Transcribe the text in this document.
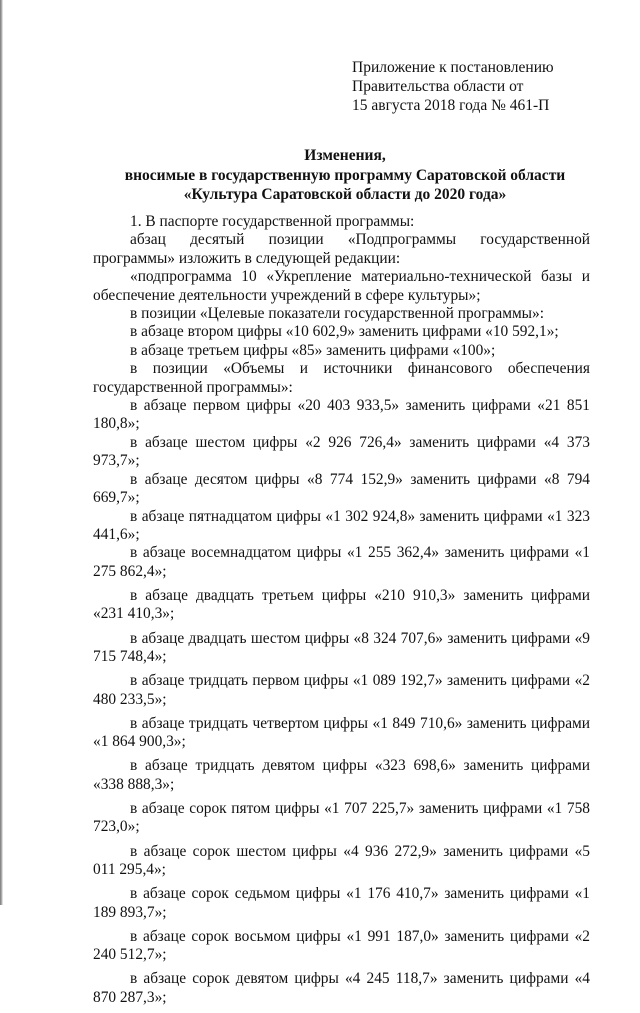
Приложение к постановлению
Правительства области от
15 августа 2018 года № 461-П
Изменения,
вносимые в государственную программу Саратовской области
«Культура Саратовской области до 2020 года»

1. В паспорте государственной программы:

абзац десятый позиции «Подпрограммы государственной программы» изложить в следующей редакции:

«подпрограмма 10 «Укрепление материально-технической базы и обеспечение деятельности учреждений в сфере культуры»;

в позиции «Целевые показатели государственной программы»:

в абзаце втором цифры «10 602,9» заменить цифрами «10 592,1»;

в абзаце третьем цифры «85» заменить цифрами «100»;

в позиции «Объемы и источники финансового обеспечения государственной программы»:

в абзаце первом цифры «20 403 933,5» заменить цифрами «21 851 180,8»;

в абзаце шестом цифры «2 926 726,4» заменить цифрами «4 373 973,7»;

в абзаце десятом цифры «8 774 152,9» заменить цифрами «8 794 669,7»;

в абзаце пятнадцатом цифры «1 302 924,8» заменить цифрами «1 323 441,6»;

в абзаце восемнадцатом цифры «1 255 362,4» заменить цифрами «1 275 862,4»;

в абзаце двадцать третьем цифры «210 910,3» заменить цифрами «231 410,3»;

в абзаце двадцать шестом цифры «8 324 707,6» заменить цифрами «9 715 748,4»;

в абзаце тридцать первом цифры «1 089 192,7» заменить цифрами «2 480 233,5»;

в абзаце тридцать четвертом цифры «1 849 710,6» заменить цифрами «1 864 900,3»;

в абзаце тридцать девятом цифры «323 698,6» заменить цифрами «338 888,3»;

в абзаце сорок пятом цифры «1 707 225,7» заменить цифрами «1 758 723,0»;

в абзаце сорок шестом цифры «4 936 272,9» заменить цифрами «5 011 295,4»;

в абзаце сорок седьмом цифры «1 176 410,7» заменить цифрами «1 189 893,7»;

в абзаце сорок восьмом цифры «1 991 187,0» заменить цифрами «2 240 512,7»;

в абзаце сорок девятом цифры «4 245 118,7» заменить цифрами «4 870 287,3»;
